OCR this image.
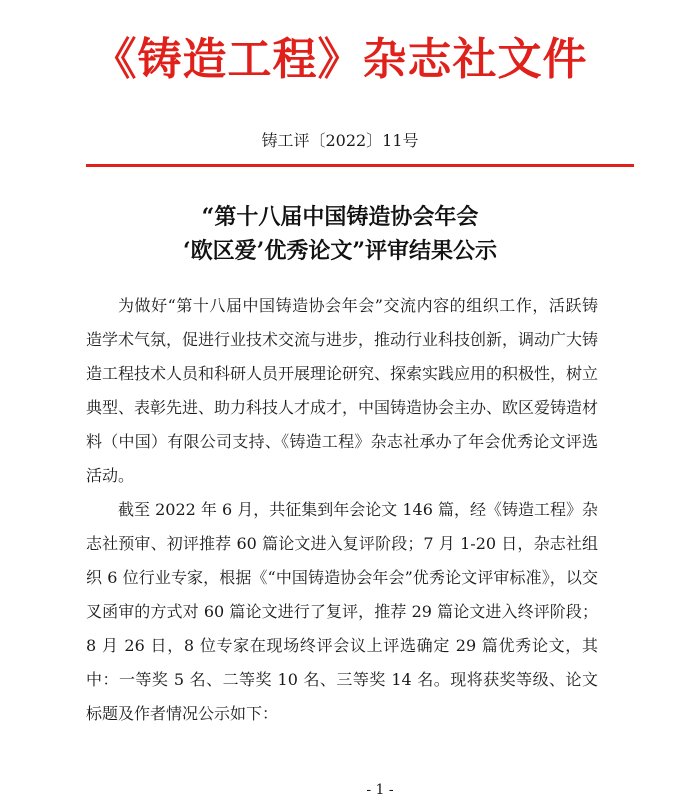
《铸造工程》杂志社文件
铸工评〔2022〕11号
“第十八届中国铸造协会年会
‘欧区爱’优秀论文”评审结果公示

为做好“第十八届中国铸造协会年会”交流内容的组织工作，活跃铸造学术气氛，促进行业技术交流与进步，推动行业科技创新，调动广大铸造工程技术人员和科研人员开展理论研究、探索实践应用的积极性，树立典型、表彰先进、助力科技人才成才，中国铸造协会主办、欧区爱铸造材料（中国）有限公司支持、《铸造工程》杂志社承办了年会优秀论文评选活动。

截至 2022 年 6 月，共征集到年会论文 146 篇，经《铸造工程》杂志社预审、初评推荐 60 篇论文进入复评阶段；7 月 1-20 日，杂志社组织 6 位行业专家，根据《“中国铸造协会年会”优秀论文评审标准》，以交叉函审的方式对 60 篇论文进行了复评，推荐 29 篇论文进入终评阶段；8 月 26 日，8 位专家在现场终评会议上评选确定 29 篇优秀论文，其中：一等奖 5 名、二等奖 10 名、三等奖 14 名。现将获奖等级、论文标题及作者情况公示如下：

- 1 -
